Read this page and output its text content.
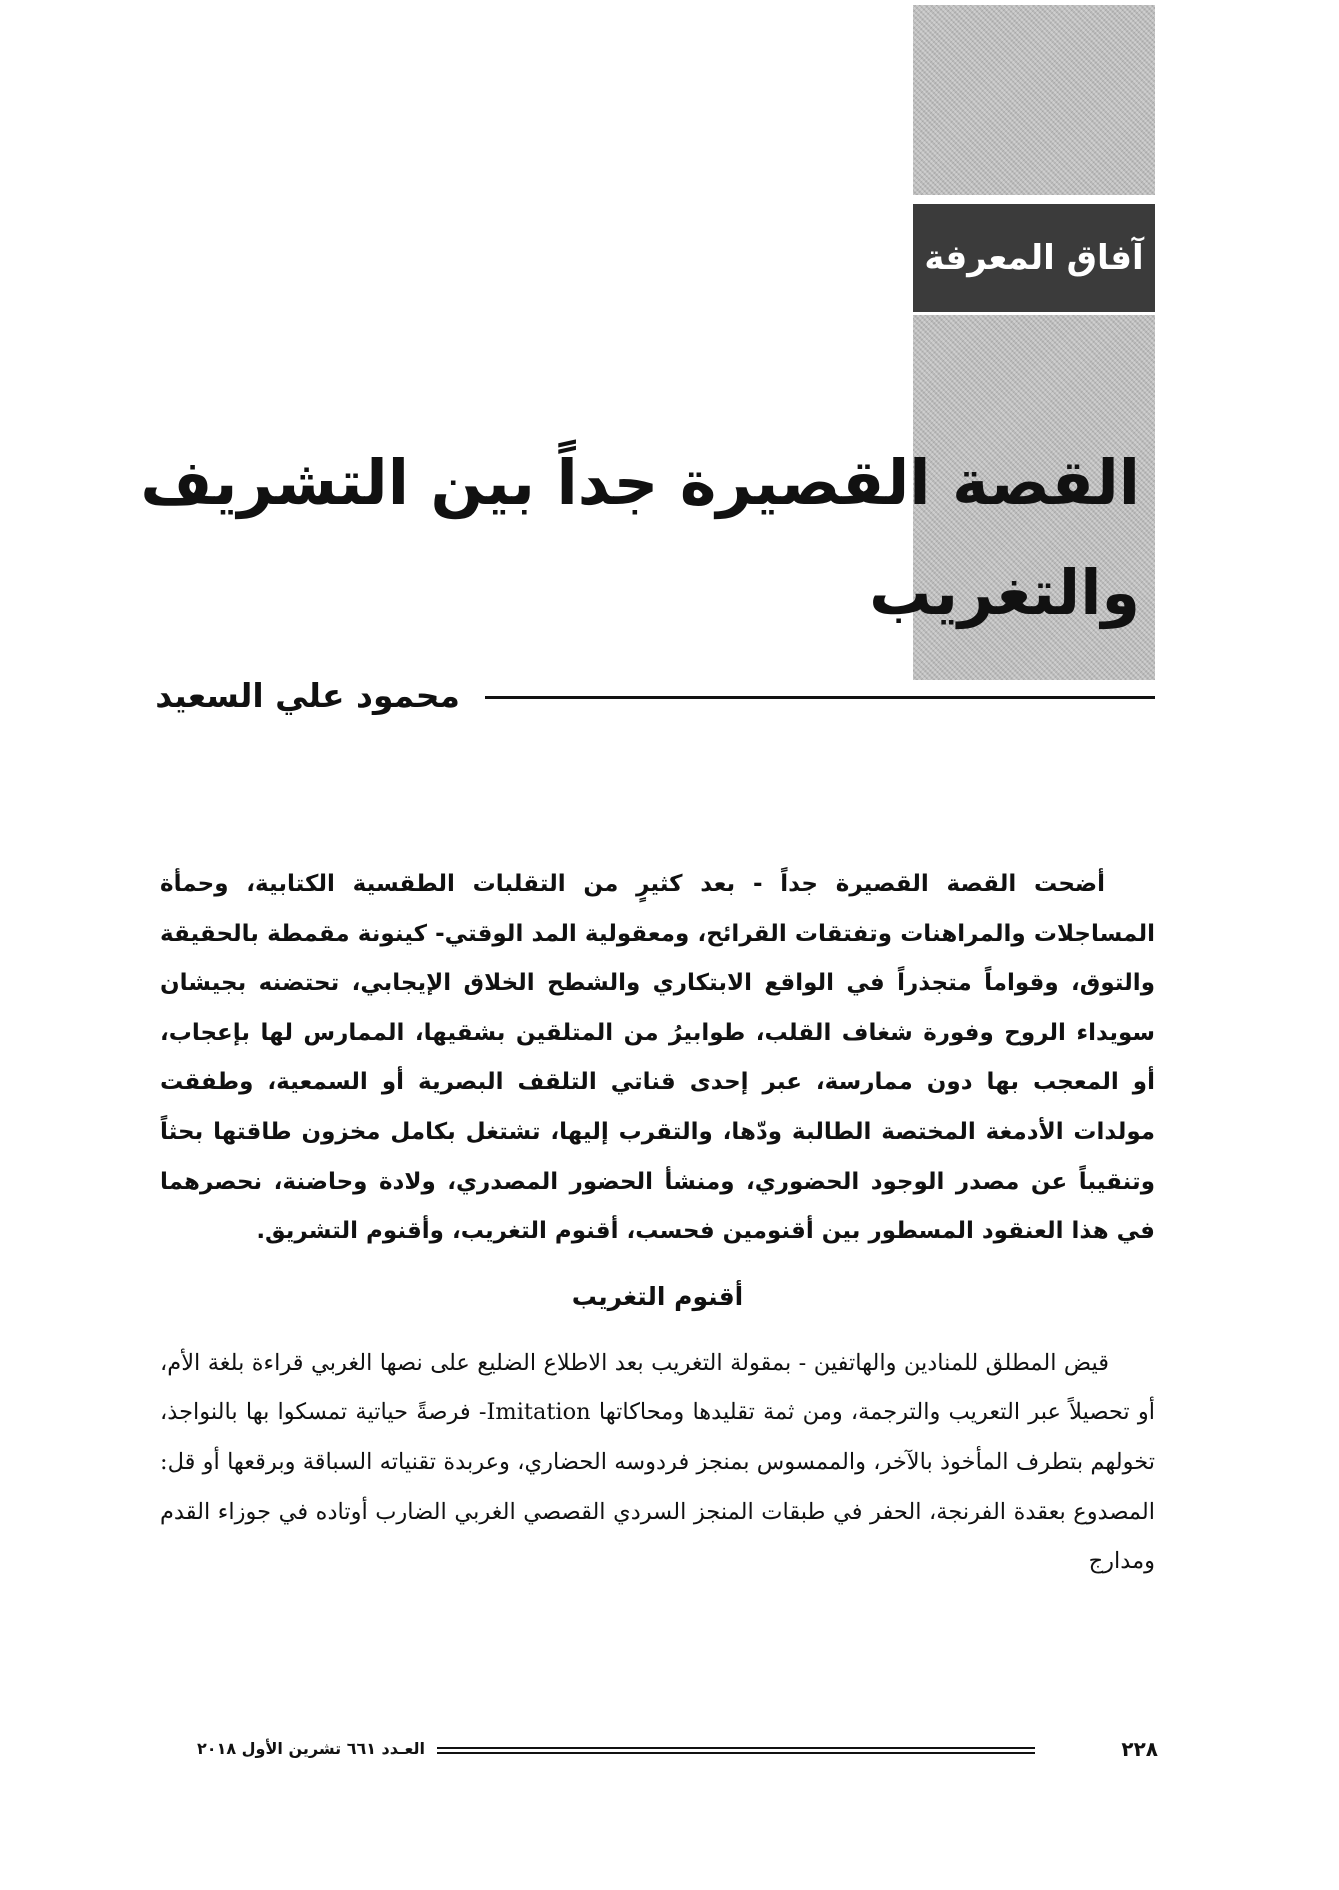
آفاق المعرفة
القصة القصيرة جداً بين التشريف والتغريب
محمود علي السعيد

أضحت القصة القصيرة جداً - بعد كثيرٍ من التقلبات الطقسية الكتابية، وحمأة المساجلات والمراهنات وتفتقات القرائح، ومعقولية المد الوقتي- كينونة مقمطة بالحقيقة والتوق، وقواماً متجذراً في الواقع الابتكاري والشطح الخلاق الإيجابي، تحتضنه بجيشان سويداء الروح وفورة شغاف القلب، طوابيرُ من المتلقين بشقيها، الممارس لها بإعجاب، أو المعجب بها دون ممارسة، عبر إحدى قناتي التلقف البصرية أو السمعية، وطفقت مولدات الأدمغة المختصة الطالبة ودّها، والتقرب إليها، تشتغل بكامل مخزون طاقتها بحثاً وتنقيباً عن مصدر الوجود الحضوري، ومنشأ الحضور المصدري، ولادة وحاضنة، نحصرهما في هذا العنقود المسطور بين أقنومين فحسب، أقنوم التغريب، وأقنوم التشريق.

أقنوم التغريب

قيض المطلق للمنادين والهاتفين - بمقولة التغريب بعد الاطلاع الضليع على نصها الغربي قراءة بلغة الأم، أو تحصيلاً عبر التعريب والترجمة، ومن ثمة تقليدها ومحاكاتها Imitation- فرصةً حياتية تمسكوا بها بالنواجذ، تخولهم بتطرف المأخوذ بالآخر، والممسوس بمنجز فردوسه الحضاري، وعربدة تقنياته السباقة وبرقعها أو قل: المصدوع بعقدة الفرنجة، الحفر في طبقات المنجز السردي القصصي الغربي الضارب أوتاده في جوزاء القدم ومدارج

٢٢٨
العـدد ٦٦١ تشرين الأول ٢٠١٨
